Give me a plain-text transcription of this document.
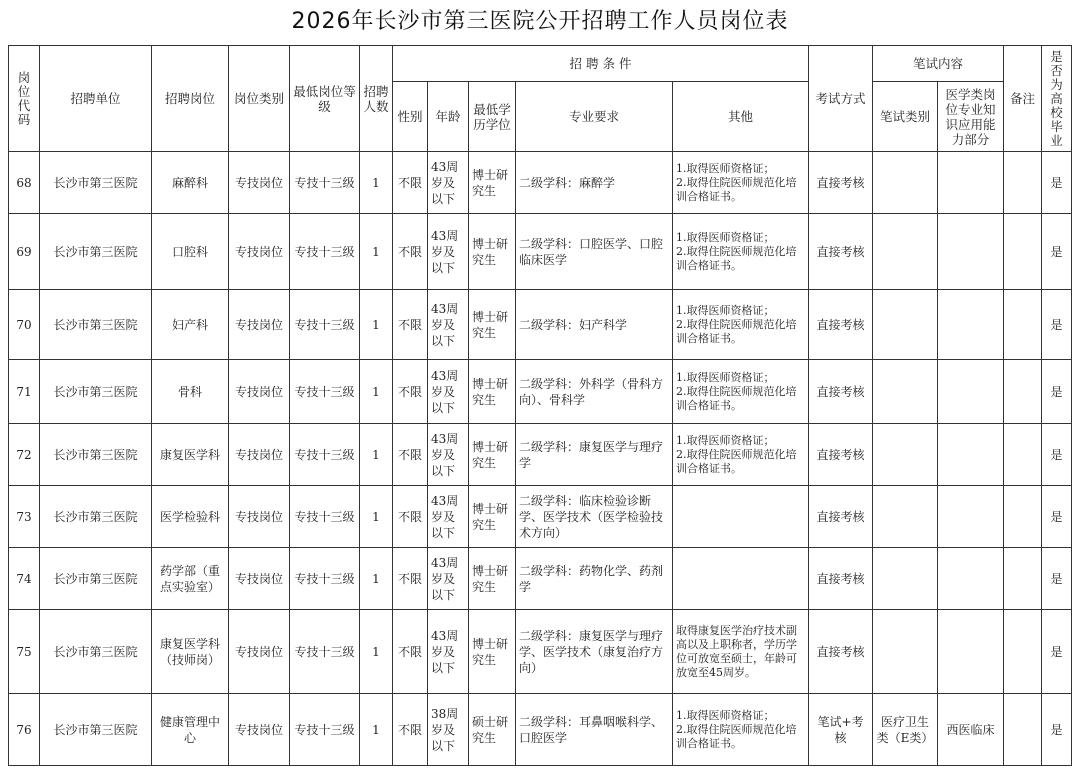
2026年长沙市第三医院公开招聘工作人员岗位表
岗位代码	招聘单位	招聘岗位	岗位类别	最低岗位等级	招聘人数	招 聘 条 件					考试方式	笔试内容		备注	是否为高校毕业
						性别	年龄	最低学历学位	专业要求	其他		笔试类别	医学类岗位专业知识应用能力部分		
68	长沙市第三医院	麻醉科	专技岗位	专技十三级	1	不限	43周岁及以下	博士研究生	二级学科：麻醉学	1.取得医师资格证；
2.取得住院医师规范化培训合格证书。	直接考核				是
69	长沙市第三医院	口腔科	专技岗位	专技十三级	1	不限	43周岁及以下	博士研究生	二级学科：口腔医学、口腔临床医学	1.取得医师资格证；
2.取得住院医师规范化培训合格证书。	直接考核				是
70	长沙市第三医院	妇产科	专技岗位	专技十三级	1	不限	43周岁及以下	博士研究生	二级学科：妇产科学	1.取得医师资格证；
2.取得住院医师规范化培训合格证书。	直接考核				是
71	长沙市第三医院	骨科	专技岗位	专技十三级	1	不限	43周岁及以下	博士研究生	二级学科：外科学（骨科方向）、骨科学	1.取得医师资格证；
2.取得住院医师规范化培训合格证书。	直接考核				是
72	长沙市第三医院	康复医学科	专技岗位	专技十三级	1	不限	43周岁及以下	博士研究生	二级学科：康复医学与理疗学	1.取得医师资格证；
2.取得住院医师规范化培训合格证书。	直接考核				是
73	长沙市第三医院	医学检验科	专技岗位	专技十三级	1	不限	43周岁及以下	博士研究生	二级学科：临床检验诊断学、医学技术（医学检验技术方向）		直接考核				是
74	长沙市第三医院	药学部（重点实验室）	专技岗位	专技十三级	1	不限	43周岁及以下	博士研究生	二级学科：药物化学、药剂学		直接考核				是
75	长沙市第三医院	康复医学科（技师岗）	专技岗位	专技十三级	1	不限	43周岁及以下	博士研究生	二级学科：康复医学与理疗学、医学技术（康复治疗方向）	取得康复医学治疗技术副高以及上职称者，学历学位可放宽至硕士，年龄可放宽至45周岁。	直接考核				是
76	长沙市第三医院	健康管理中心	专技岗位	专技十三级	1	不限	38周岁及以下	硕士研究生	二级学科：耳鼻咽喉科学、口腔医学	1.取得医师资格证；
2.取得住院医师规范化培训合格证书。	笔试+考核	医疗卫生类（E类）	西医临床		是
